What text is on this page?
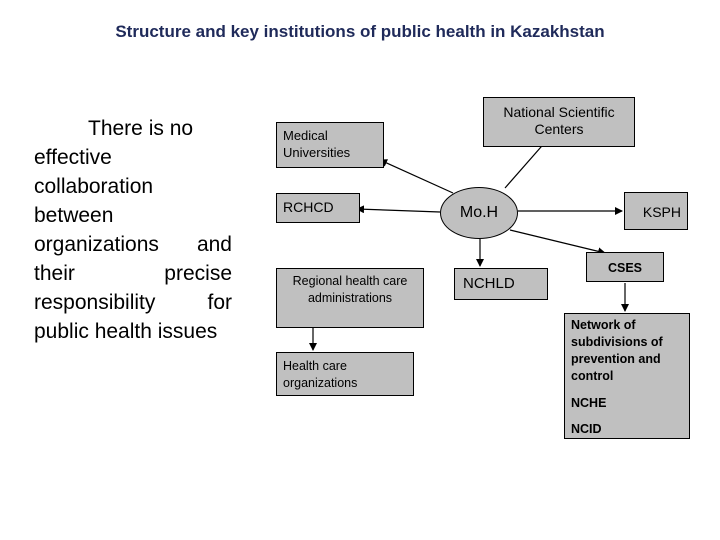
Structure and key institutions of public health in Kazakhstan
There is no
effective collaboration between organizations and their precise responsibility for public health issues
Medical Universities
RCHCD
Regional health care administrations
Health care organizations
National Scientific Centers
Mo.H	KSPH
NCHLD
CSES
Network of subdivisions of prevention and control
NCHE
NCID
